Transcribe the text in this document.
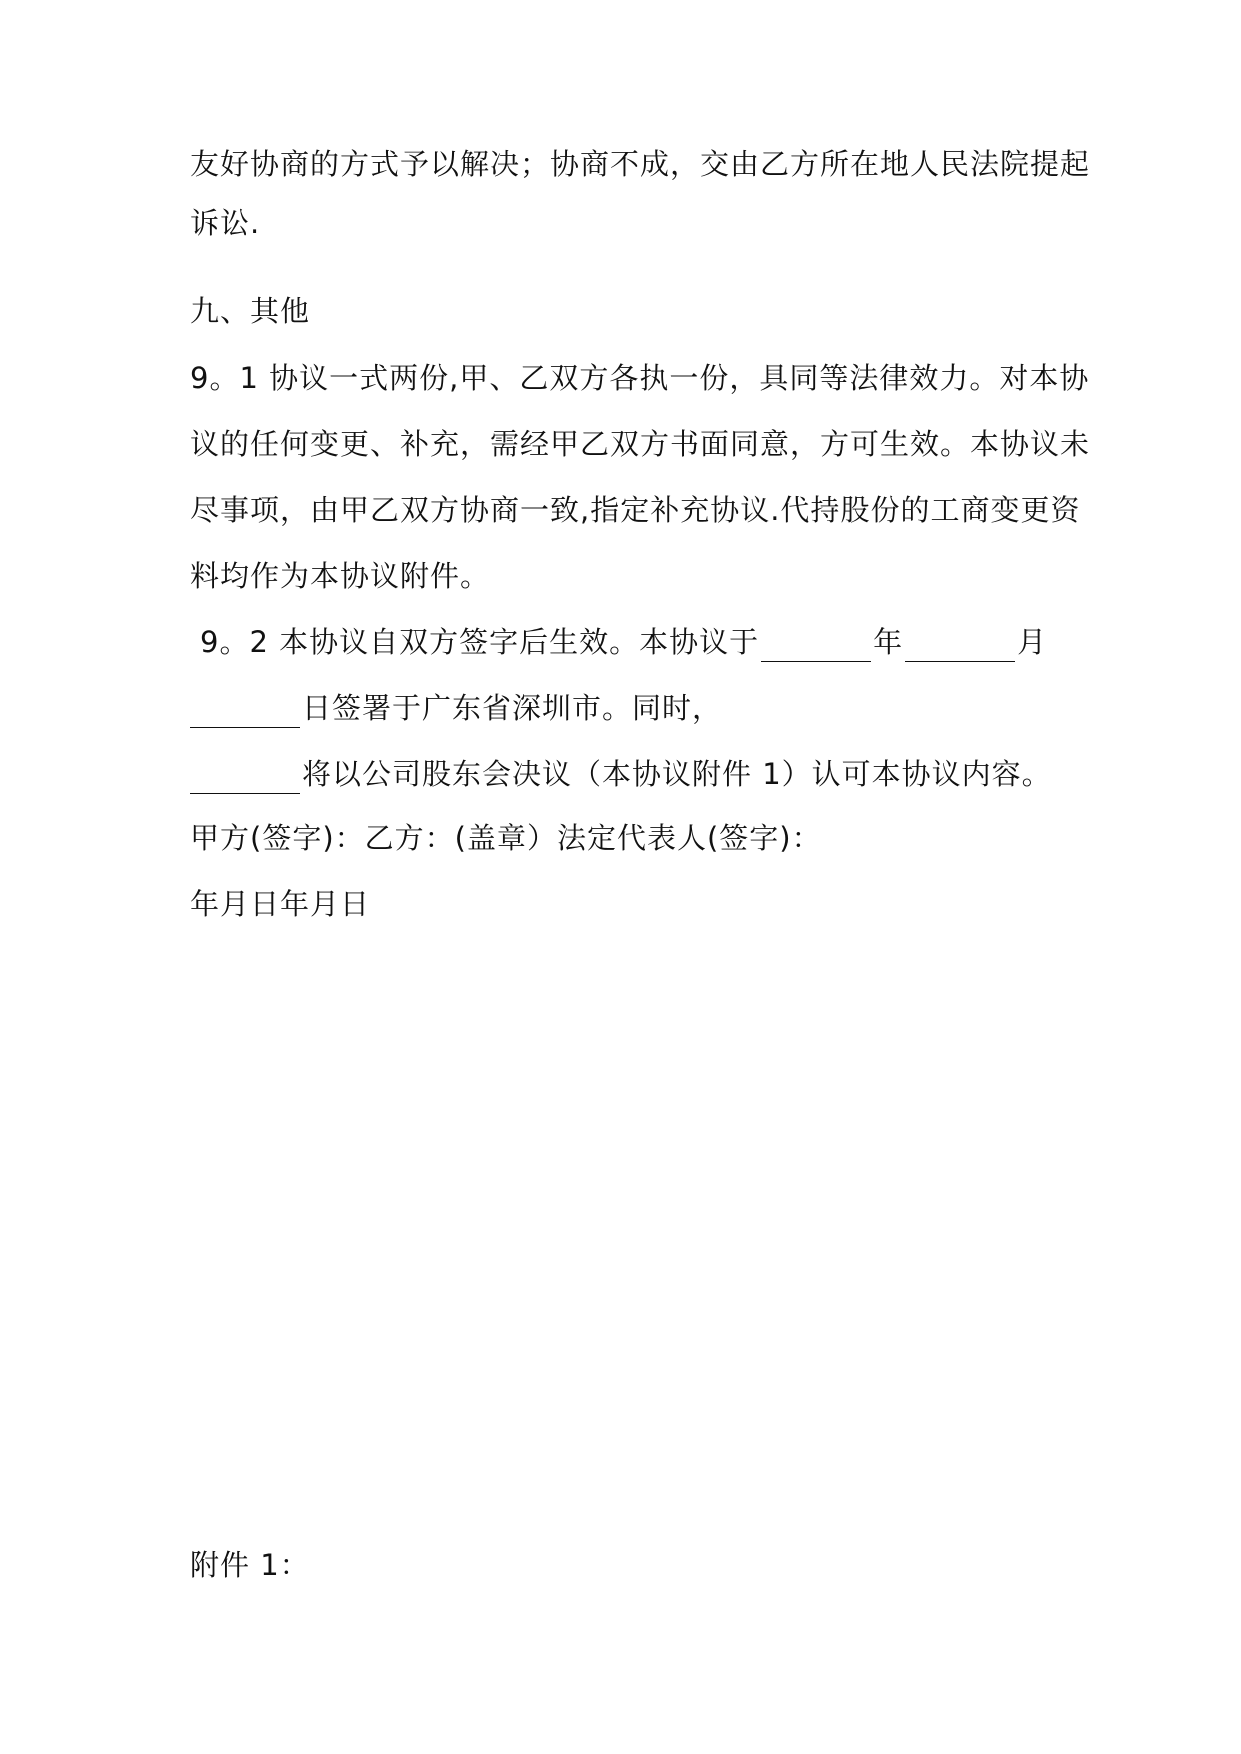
友好协商的方式予以解决；协商不成，交由乙方所在地人民法院提起
诉讼.
九、其他
9。1 协议一式两份,甲、乙双方各执一份，具同等法律效力。对本协
议的任何变更、补充，需经甲乙双方书面同意，方可生效。本协议未
尽事项，由甲乙双方协商一致,指定补充协议.代持股份的工商变更资
料均作为本协议附件。
9。2 本协议自双方签字后生效。本协议于	年	月
日签署于广东省深圳市。同时，
将以公司股东会决议（本协议附件 1）认可本协议内容。
甲方(签字)：乙方：(盖章）法定代表人(签字)：
年月日年月日
附件 1：
